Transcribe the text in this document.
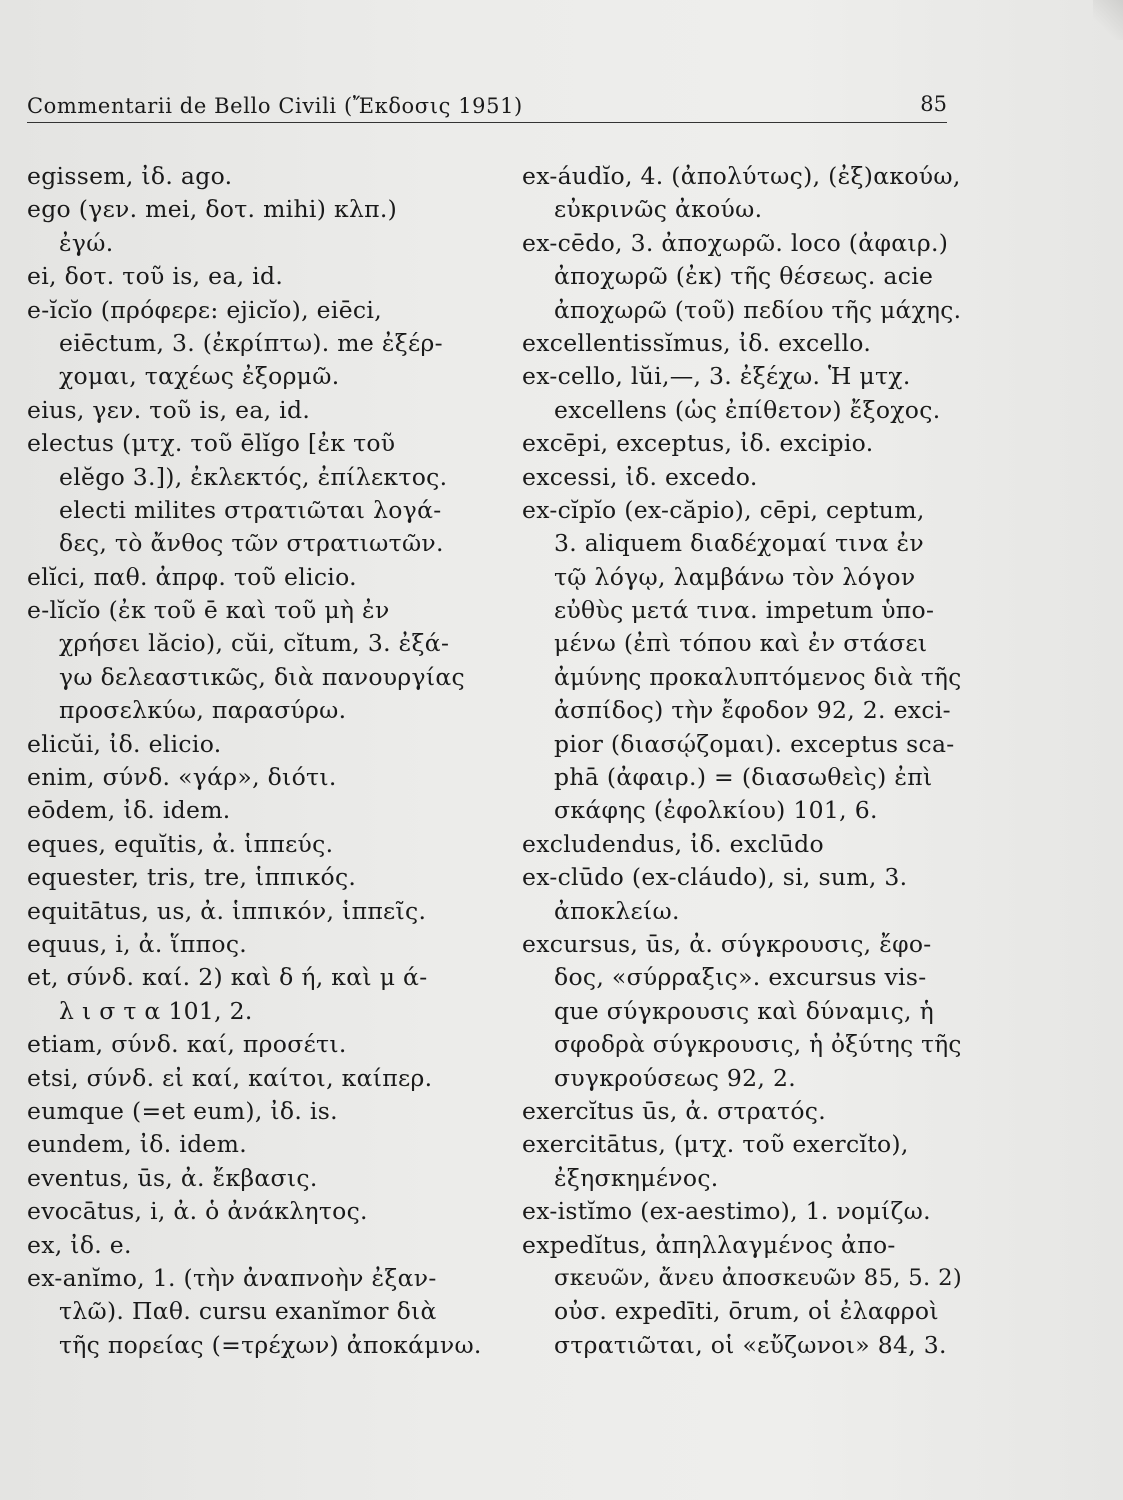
Commentarii de Bello Civili (Ἔκδοσις 1951)	85
egissem, ἰδ. ago.
ego (γεν. mei, δοτ. mihi) κλπ.)
ἐγώ.
ei, δοτ. τοῦ is, ea, id.
e-ĭcĭo (πρόφερε: ejicĭo), eiēci,
eiēctum, 3. (ἐκρίπτω). me ἐξέρ-
χομαι, ταχέως ἐξορμῶ.
eius, γεν. τοῦ is, ea, id.
electus (μτχ. τοῦ ēlĭgo [ἐκ τοῦ
elĕgo 3.]), ἐκλεκτός, ἐπίλεκτος.
electi milites στρατιῶται λογά-
δες, τὸ ἄνθος τῶν στρατιωτῶν.
elĭci, παθ. ἀπρφ. τοῦ elicio.
e-lĭcĭo (ἐκ τοῦ ē καὶ τοῦ μὴ ἐν
χρήσει lăcio), cŭi, cĭtum, 3. ἐξά-
γω δελεαστικῶς, διὰ πανουργίας
προσελκύω, παρασύρω.
elicŭi, ἰδ. elicio.
enim, σύνδ. «γάρ», διότι.
eōdem, ἰδ. idem.
eques, equĭtis, ἀ. ἱππεύς.
equester, tris, tre, ἱππικός.
equitātus, us, ἀ. ἱππικόν, ἱππεῖς.
equus, i, ἀ. ἵππος.
et, σύνδ. καί. 2) καὶ δ ή, καὶ μ ά-
λ ι σ τ α 101, 2.
etiam, σύνδ. καί, προσέτι.
etsi, σύνδ. εἰ καί, καίτοι, καίπερ.
eumque (=et eum), ἰδ. is.
eundem, ἰδ. idem.
eventus, ūs, ἀ. ἔκβασις.
evocātus, i, ἀ. ὁ ἀνάκλητος.
ex, ἰδ. e.
ex-anĭmo, 1. (τὴν ἀναπνοὴν ἐξαν-
τλῶ). Παθ. cursu exanĭmor διὰ
τῆς πορείας (=τρέχων) ἀποκάμνω.
ex-áudĭo, 4. (ἀπολύτως), (ἐξ)ακούω,
εὐκρινῶς ἀκούω.
ex-cēdo, 3. ἀποχωρῶ. loco (ἀφαιρ.)
ἀποχωρῶ (ἐκ) τῆς θέσεως. acie
ἀποχωρῶ (τοῦ) πεδίου τῆς μάχης.
excellentissĭmus, ἰδ. excello.
ex-cello, lŭi,—, 3. ἐξέχω. Ἡ μτχ.
excellens (ὡς ἐπίθετον) ἔξοχος.
excēpi, exceptus, ἰδ. excipio.
excessi, ἰδ. excedo.
ex-cĭpĭo (ex-căpio), cēpi, ceptum,
3. aliquem διαδέχομαί τινα ἐν
τῷ λόγῳ, λαμβάνω τὸν λόγον
εὐθὺς μετά τινα. impetum ὑπο-
μένω (ἐπὶ τόπου καὶ ἐν στάσει
ἀμύνης προκαλυπτόμενος διὰ τῆς
ἀσπίδος) τὴν ἔφοδον 92, 2. exci-
pior (διασῴζομαι). exceptus sca-
phā (ἀφαιρ.) = (διασωθεὶς) ἐπὶ
σκάφης (ἐφολκίου) 101, 6.
excludendus, ἰδ. exclūdo
ex-clūdo (ex-cláudo), si, sum, 3.
ἀποκλείω.
excursus, ūs, ἀ. σύγκρουσις, ἔφο-
δος, «σύρραξις». excursus vis-
que σύγκρουσις καὶ δύναμις, ἡ
σφοδρὰ σύγκρουσις, ἡ ὀξύτης τῆς
συγκρούσεως 92, 2.
exercĭtus ūs, ἀ. στρατός.
exercitātus, (μτχ. τοῦ exercĭto),
ἐξησκημένος.
ex-istĭmo (ex-aestimo), 1. νομίζω.
expedĭtus, ἀπηλλαγμένος ἀπο-
σκευῶν, ἄνευ ἀποσκευῶν 85, 5. 2)
οὐσ. expedīti, ōrum, οἱ ἐλαφροὶ
στρατιῶται, οἱ «εὔζωνοι» 84, 3.
